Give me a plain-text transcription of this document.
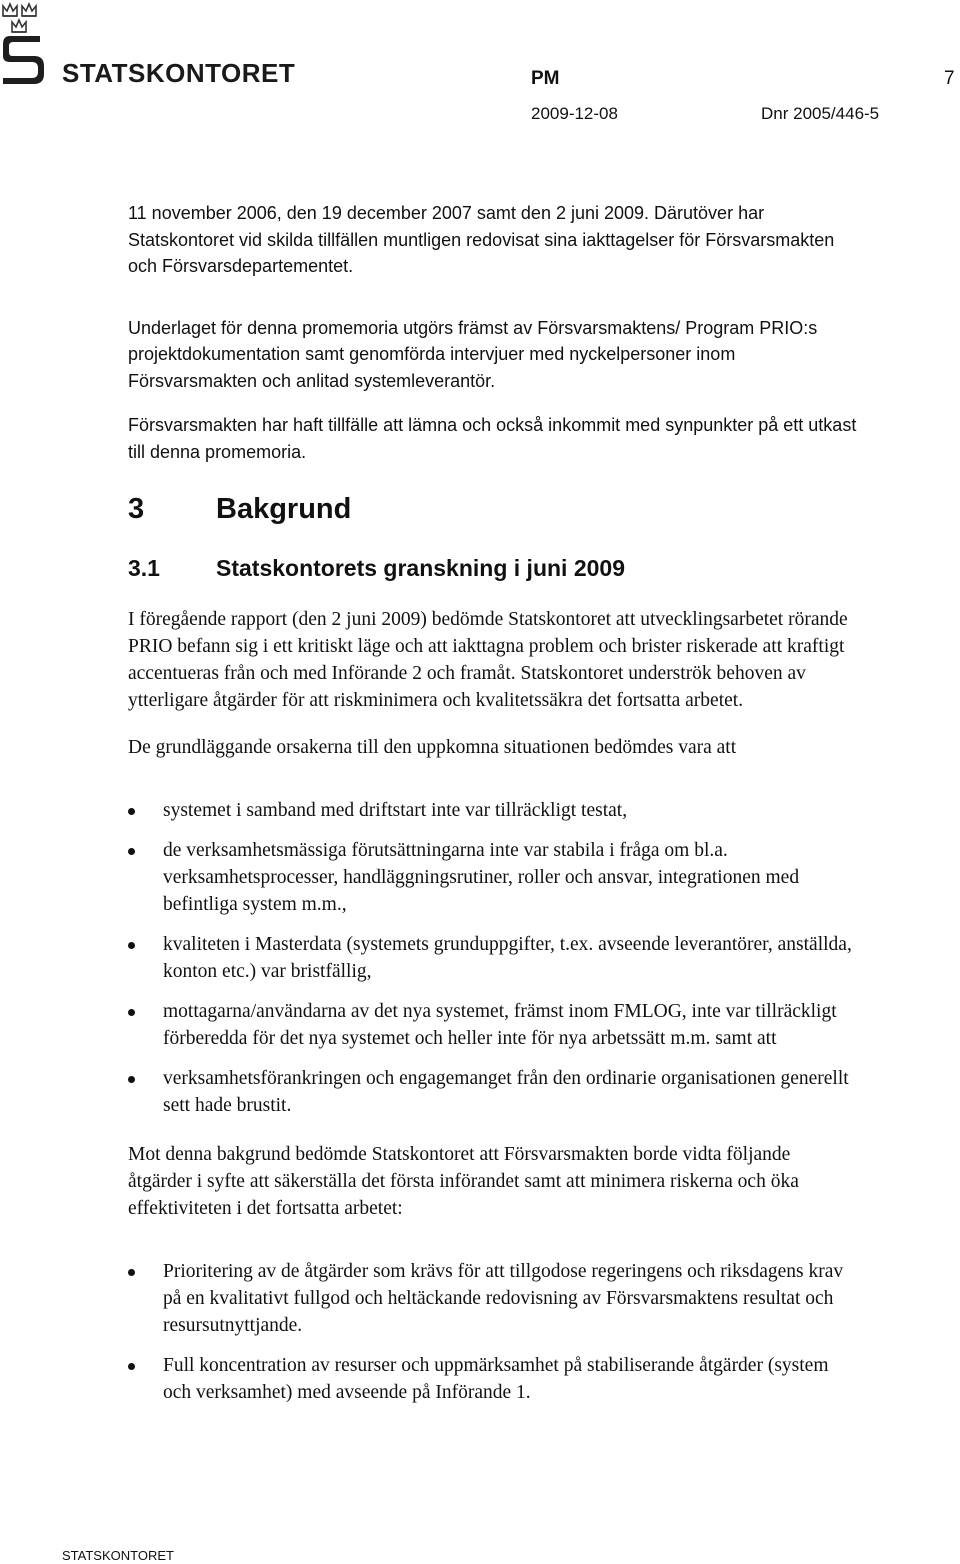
STATSKONTORET	PM	7
2009-12-08	Dnr 2005/446-5

11 november 2006, den 19 december 2007 samt den 2 juni 2009. Därutöver har Statskontoret vid skilda tillfällen muntligen redovisat sina iakttagelser för Försvarsmakten och Försvarsdepartementet.

Underlaget för denna promemoria utgörs främst av Försvarsmaktens/ Program PRIO:s projektdokumentation samt genomförda intervjuer med nyckelpersoner inom Försvarsmakten och anlitad systemleverantör.

Försvarsmakten har haft tillfälle att lämna och också inkommit med synpunkter på ett utkast till denna promemoria.

3 Bakgrund
3.1 Statskontorets granskning i juni 2009

I föregående rapport (den 2 juni 2009) bedömde Statskontoret att utvecklingsarbetet rörande PRIO befann sig i ett kritiskt läge och att iakttagna problem och brister riskerade att kraftigt accentueras från och med Införande 2 och framåt. Statskontoret underströk behoven av ytterligare åtgärder för att riskminimera och kvalitetssäkra det fortsatta arbetet.

De grundläggande orsakerna till den uppkomna situationen bedömdes vara att

systemet i samband med driftstart inte var tillräckligt testat,
de verksamhetsmässiga förutsättningarna inte var stabila i fråga om bl.a. verksamhetsprocesser, handläggningsrutiner, roller och ansvar, integrationen med befintliga system m.m.,
kvaliteten i Masterdata (systemets grunduppgifter, t.ex. avseende leverantörer, anställda, konton etc.) var bristfällig,
mottagarna/användarna av det nya systemet, främst inom FMLOG, inte var tillräckligt förberedda för det nya systemet och heller inte för nya arbetssätt m.m. samt att
verksamhetsförankringen och engagemanget från den ordinarie organisationen generellt sett hade brustit.

Mot denna bakgrund bedömde Statskontoret att Försvarsmakten borde vidta följande åtgärder i syfte att säkerställa det första införandet samt att minimera riskerna och öka effektiviteten i det fortsatta arbetet:

Prioritering av de åtgärder som krävs för att tillgodose regeringens och riksdagens krav på en kvalitativt fullgod och heltäckande redovisning av Försvarsmaktens resultat och resursutnyttjande.
Full koncentration av resurser och uppmärksamhet på stabiliserande åtgärder (system och verksamhet) med avseende på Införande 1.
STATSKONTORET
